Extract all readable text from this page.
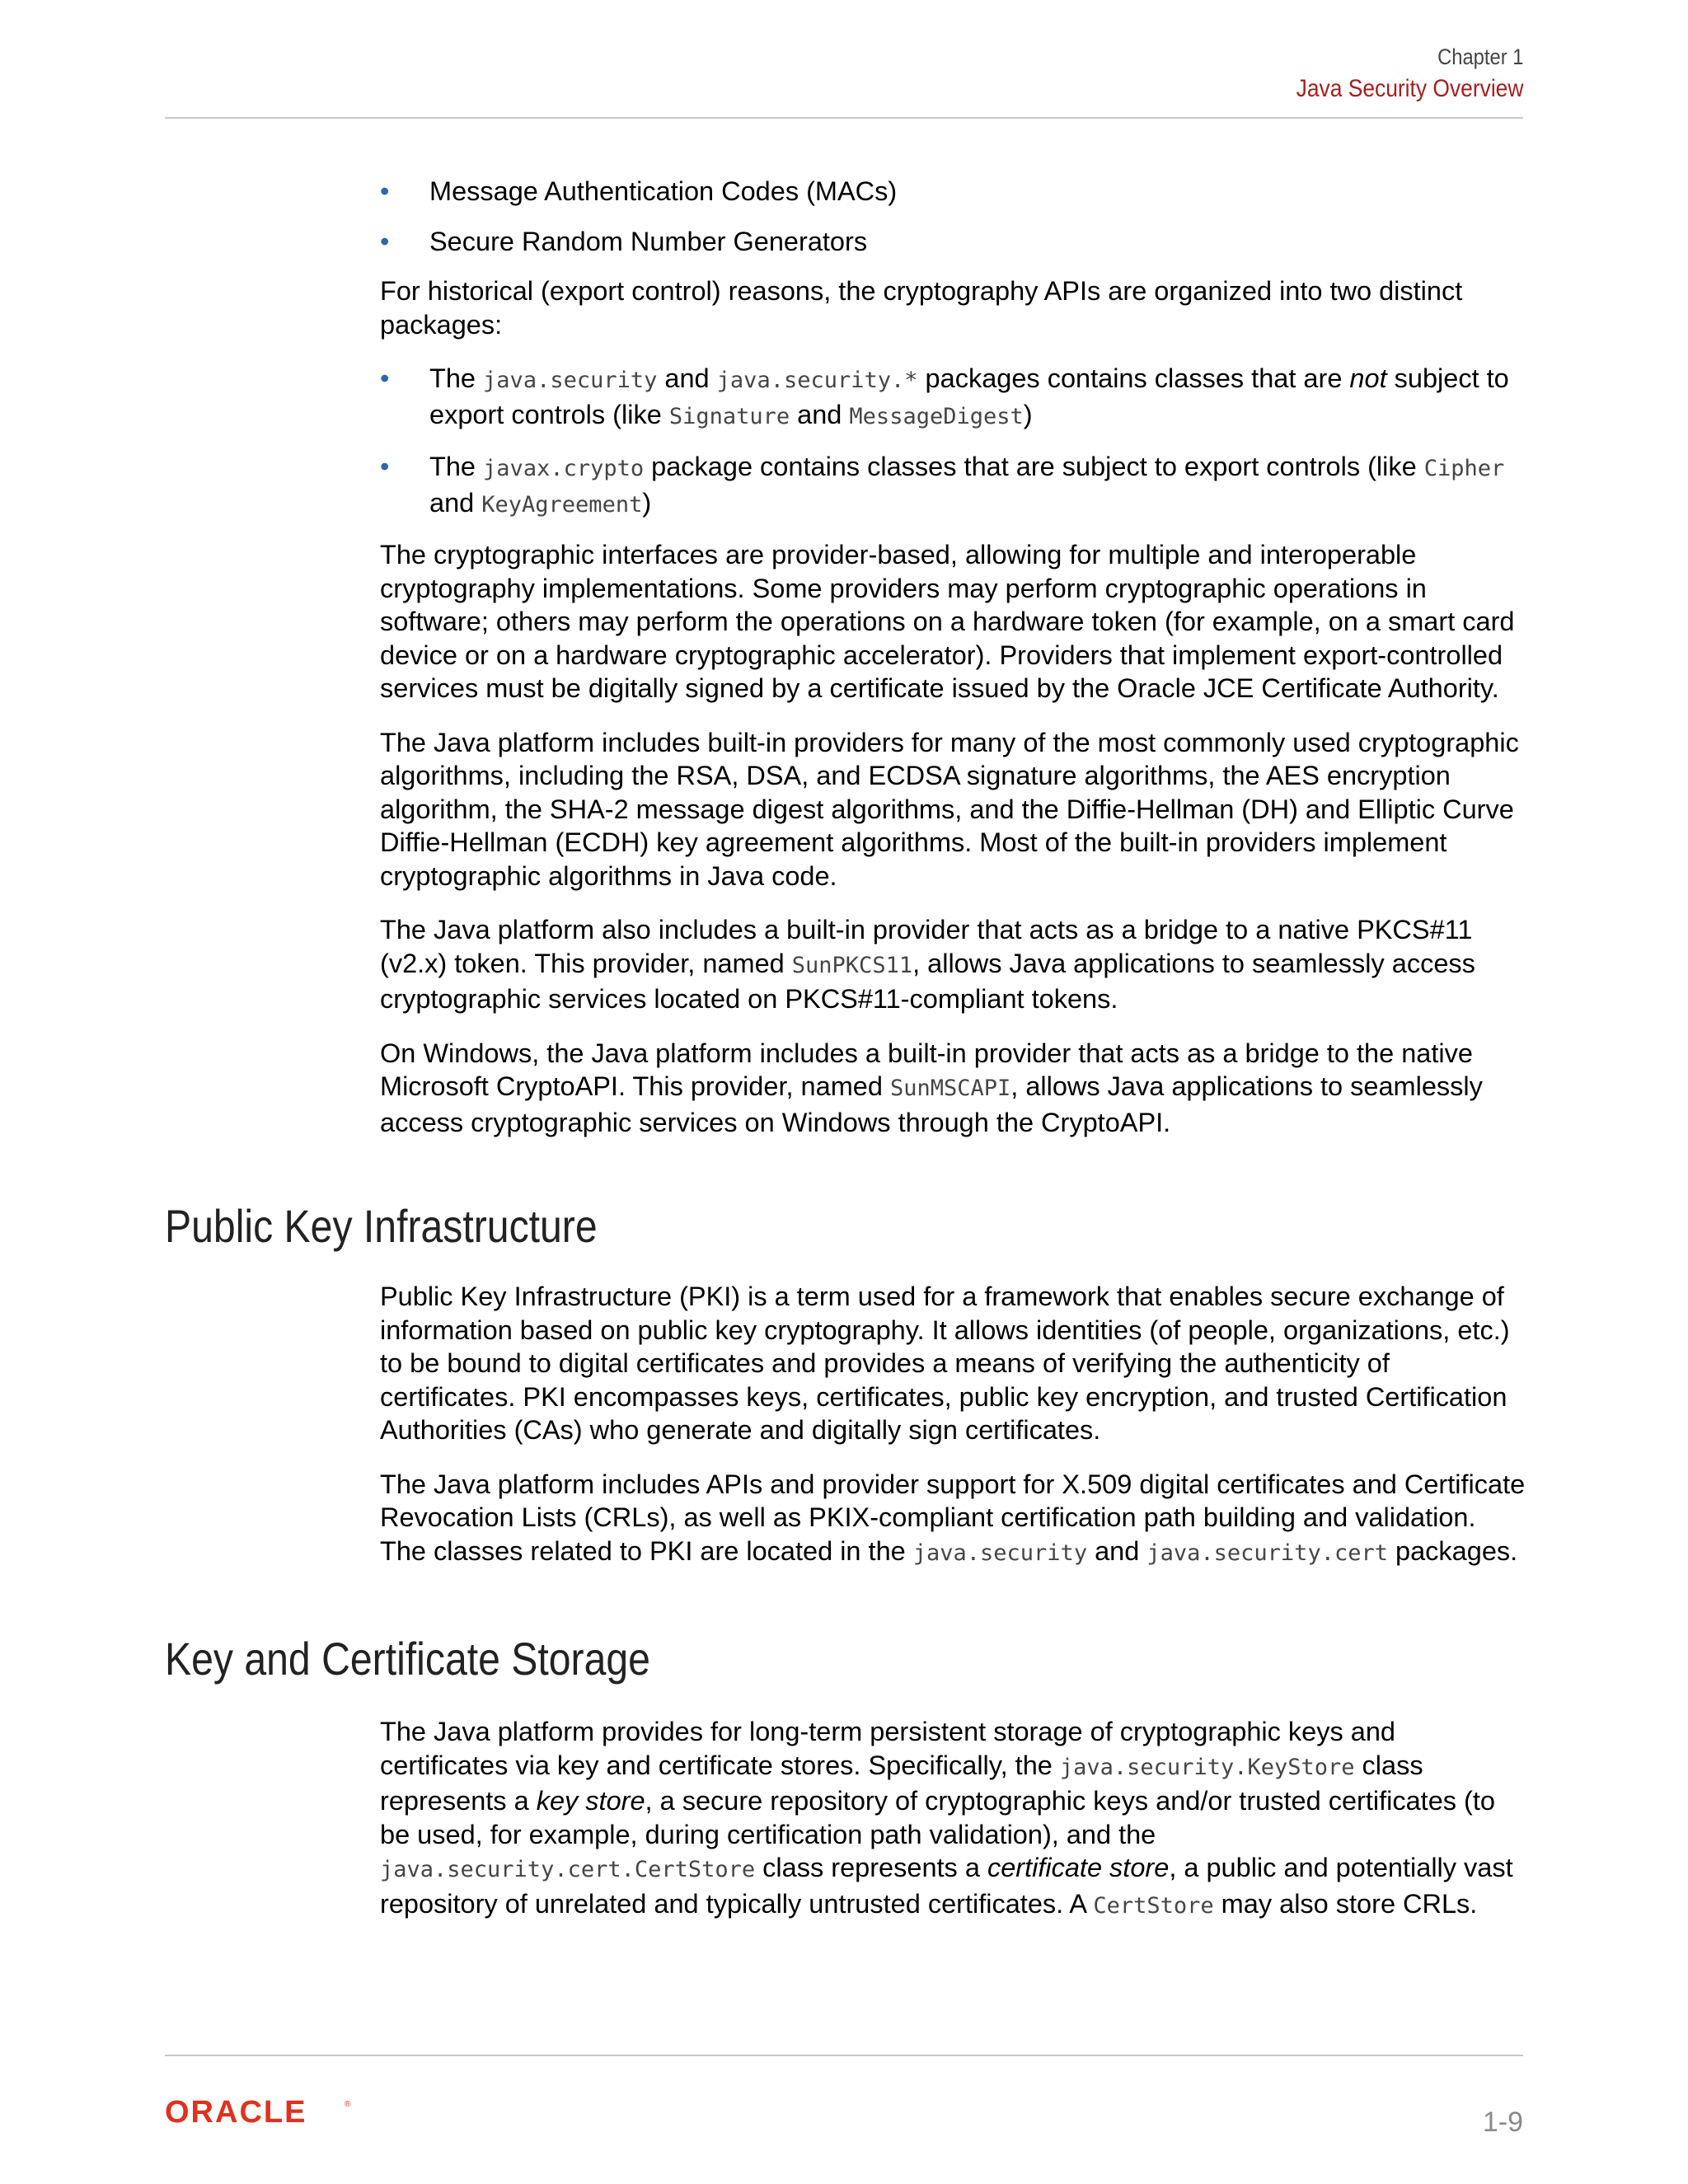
Chapter 1
Java Security Overview
• Message Authentication Codes (MACs)
• Secure Random Number Generators

For historical (export control) reasons, the cryptography APIs are organized into two distinct packages:

• The java.security and java.security.* packages contains classes that are not subject to export controls (like Signature and MessageDigest)
• The javax.crypto package contains classes that are subject to export controls (like Cipher and KeyAgreement)

The cryptographic interfaces are provider-based, allowing for multiple and interoperable cryptography implementations. Some providers may perform cryptographic operations in software; others may perform the operations on a hardware token (for example, on a smart card device or on a hardware cryptographic accelerator). Providers that implement export-controlled services must be digitally signed by a certificate issued by the Oracle JCE Certificate Authority.

The Java platform includes built-in providers for many of the most commonly used cryptographic algorithms, including the RSA, DSA, and ECDSA signature algorithms, the AES encryption algorithm, the SHA-2 message digest algorithms, and the Diffie-Hellman (DH) and Elliptic Curve Diffie-Hellman (ECDH) key agreement algorithms. Most of the built-in providers implement cryptographic algorithms in Java code.

The Java platform also includes a built-in provider that acts as a bridge to a native PKCS#11 (v2.x) token. This provider, named SunPKCS11, allows Java applications to seamlessly access cryptographic services located on PKCS#11-compliant tokens.

On Windows, the Java platform includes a built-in provider that acts as a bridge to the native Microsoft CryptoAPI. This provider, named SunMSCAPI, allows Java applications to seamlessly access cryptographic services on Windows through the CryptoAPI.

Public Key Infrastructure

Public Key Infrastructure (PKI) is a term used for a framework that enables secure exchange of information based on public key cryptography. It allows identities (of people, organizations, etc.) to be bound to digital certificates and provides a means of verifying the authenticity of certificates. PKI encompasses keys, certificates, public key encryption, and trusted Certification Authorities (CAs) who generate and digitally sign certificates.

The Java platform includes APIs and provider support for X.509 digital certificates and Certificate Revocation Lists (CRLs), as well as PKIX-compliant certification path building and validation. The classes related to PKI are located in the java.security and java.security.cert packages.

Key and Certificate Storage

The Java platform provides for long-term persistent storage of cryptographic keys and certificates via key and certificate stores. Specifically, the java.security.KeyStore class represents a key store, a secure repository of cryptographic keys and/or trusted certificates (to be used, for example, during certification path validation), and the java.security.cert.CertStore class represents a certificate store, a public and potentially vast repository of unrelated and typically untrusted certificates. A CertStore may also store CRLs.

ORACLE	®
1-9
